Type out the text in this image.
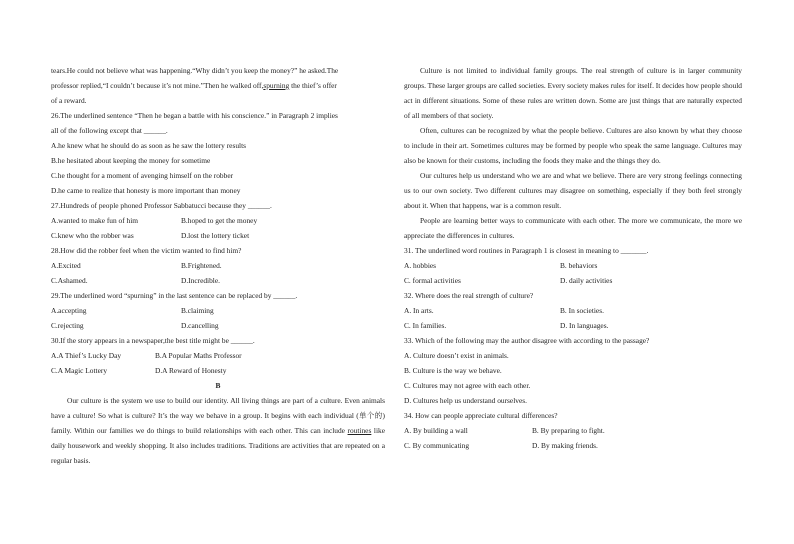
tears.He could not believe what was happening.“Why didn’t you keep the money?” he asked.The
professor replied,“I couldn’t because it’s not mine.”Then he walked off,spurning the thief’s offer
of a reward.
26.The underlined sentence “Then he began a battle with his conscience.” in Paragraph 2 implies
all of the following except that ______.
A.he knew what he should do as soon as he saw the lottery results
B.he hesitated about keeping the money for sometime
C.he thought for a moment of avenging himself on the robber
D.he came to realize that honesty is more important than money
27.Hundreds of people phoned Professor Sabbatucci because they ______.
A.wanted to make fun of him	B.hoped to get the money
C.knew who the robber was	D.lost the lottery ticket
28.How did the robber feel when the victim wanted to find him?
A.Excited	B.Frightened.
C.Ashamed.	D.Incredible.
29.The underlined word “spurning” in the last sentence can be replaced by ______.
A.accepting	B.claiming
C.rejecting	D.cancelling
30.If the story appears in a newspaper,the best title might be ______.
A.A Thief’s Lucky Day	B.A Popular Maths Professor
C.A Magic Lottery	D.A Reward of Honesty
B
Our culture is the system we use to build our identity. All living things are part of a culture. Even animals have a culture! So what is culture? It’s the way we behave in a group. It begins with each individual (单个的) family. Within our families we do things to build relationships with each other. This can include routines like daily housework and weekly shopping. It also includes traditions. Traditions are activities that are repeated on a regular basis.
Culture is not limited to individual family groups. The real strength of culture is in larger community groups. These larger groups are called societies. Every society makes rules for itself. It decides how people should act in different situations. Some of these rules are written down. Some are just things that are naturally expected of all members of that society.
Often, cultures can be recognized by what the people believe. Cultures are also known by what they choose to include in their art. Sometimes cultures may be formed by people who speak the same language. Cultures may also be known for their customs, including the foods they make and the things they do.
Our cultures help us understand who we are and what we believe. There are very strong feelings connecting us to our own society. Two different cultures may disagree on something, especially if they both feel strongly about it. When that happens, war is a common result.
People are learning better ways to communicate with each other. The more we communicate, the more we appreciate the differences in cultures.
31. The underlined word routines in Paragraph 1 is closest in meaning to _______.
A. hobbies	B. behaviors
C. formal activities	D. daily activities
32. Where does the real strength of culture?
A. In arts.	B. In societies.
C. In families.	D. In languages.
33. Which of the following may the author disagree with according to the passage?
A. Culture doesn’t exist in animals.
B. Culture is the way we behave.
C. Cultures may not agree with each other.
D. Cultures help us understand ourselves.
34. How can people appreciate cultural differences?
A. By building a wall	B. By preparing to fight.
C. By communicating	D. By making friends.
